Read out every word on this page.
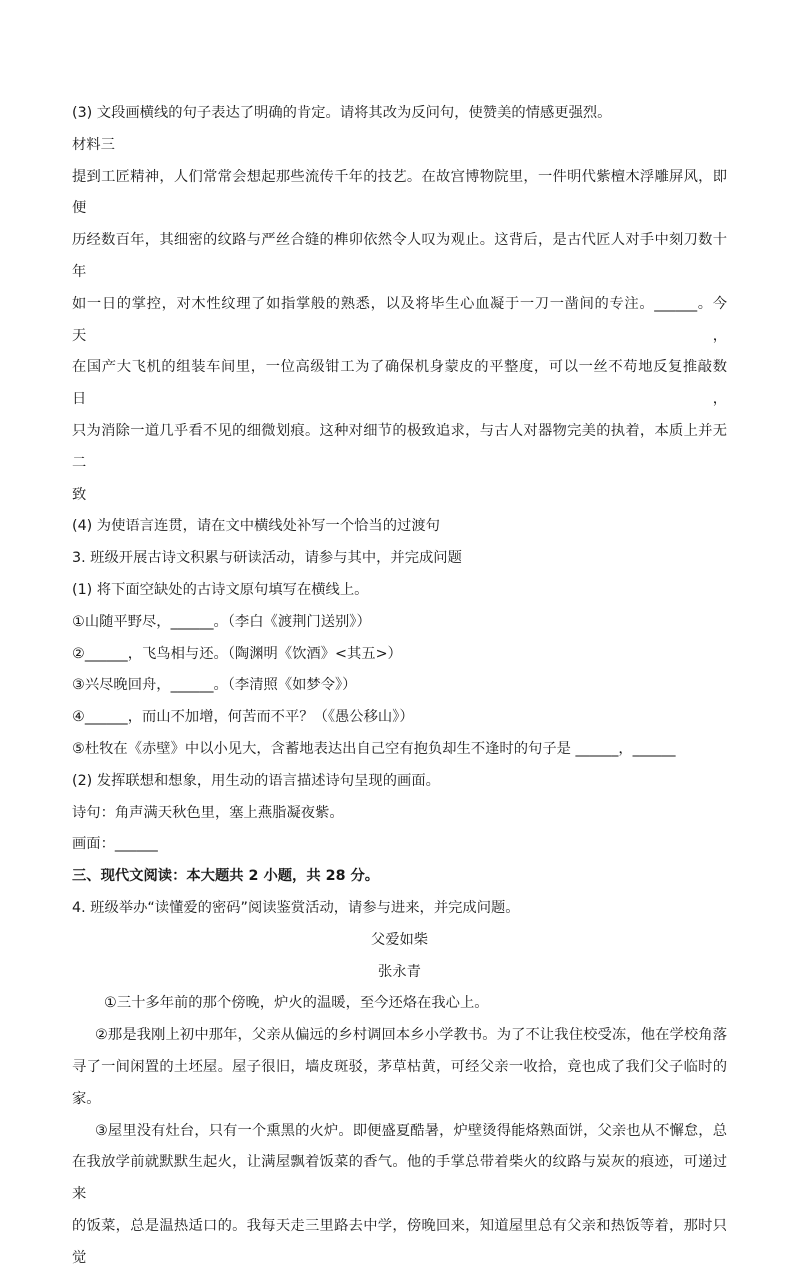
(3) 文段画横线的句子表达了明确的肯定。请将其改为反问句，使赞美的情感更强烈。

材料三

提到工匠精神，人们常常会想起那些流传千年的技艺。在故宫博物院里，一件明代紫檀木浮雕屏风，即便

历经数百年，其细密的纹路与严丝合缝的榫卯依然令人叹为观止。这背后，是古代匠人对手中刻刀数十年

如一日的掌控，对木性纹理了如指掌般的熟悉，以及将毕生心血凝于一刀一凿间的专注。______。今天，

在国产大飞机的组装车间里，一位高级钳工为了确保机身蒙皮的平整度，可以一丝不苟地反复推敲数日，

只为消除一道几乎看不见的细微划痕。这种对细节的极致追求，与古人对器物完美的执着，本质上并无二

致

(4) 为使语言连贯，请在文中横线处补写一个恰当的过渡句

3. 班级开展古诗文积累与研读活动，请参与其中，并完成问题

(1) 将下面空缺处的古诗文原句填写在横线上。

①山随平野尽，______。（李白《渡荆门送别》）

②______，飞鸟相与还。（陶渊明《饮酒》<其五>）

③兴尽晚回舟，______。（李清照《如梦令》）

④______，而山不加增，何苦而不平？（《愚公移山》）

⑤杜牧在《赤壁》中以小见大，含蓄地表达出自己空有抱负却生不逢时的句子是 ______，______

(2) 发挥联想和想象，用生动的语言描述诗句呈现的画面。

诗句：角声满天秋色里，塞上燕脂凝夜紫。

画面：______

三、现代文阅读：本大题共 2 小题，共 28 分。

4. 班级举办“读懂爱的密码”阅读鉴赏活动，请参与进来，并完成问题。

父爱如柴

张永青

①三十多年前的那个傍晚，炉火的温暖，至今还烙在我心上。

②那是我刚上初中那年，父亲从偏远的乡村调回本乡小学教书。为了不让我住校受冻，他在学校角落

寻了一间闲置的土坯屋。屋子很旧，墙皮斑驳，茅草枯黄，可经父亲一收拾，竟也成了我们父子临时的

家。

③屋里没有灶台，只有一个熏黑的火炉。即便盛夏酷暑，炉壁烫得能烙熟面饼，父亲也从不懈怠，总

在我放学前就默默生起火，让满屋飘着饭菜的香气。他的手掌总带着柴火的纹路与炭灰的痕迹，可递过来

的饭菜，总是温热适口的。我每天走三里路去中学，傍晚回来，知道屋里总有父亲和热饭等着，那时只觉
